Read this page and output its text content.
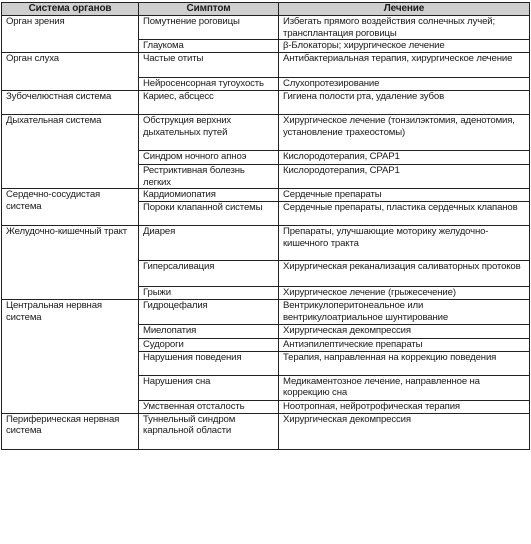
Система органов	Симптом	Лечение
Орган зрения	Помутнение роговицы	Избегать прямого воздействия солнечных лучей; трансплантация роговицы
	Глаукома	β-Блокаторы; хирургическое лечение
Орган слуха	Частые отиты	Антибактериальная терапия, хирургическое лечение
	Нейросенсорная тугоухость	Слухопротезирование
Зубочелюстная система	Кариес, абсцесс	Гигиена полости рта, удаление зубов
Дыхательная система	Обструкция верхних дыхательных путей	Хирургическое лечение (тонзилэктомия, аденотомия, установление трахеостомы)
	Синдром ночного апноэ	Кислородотерапия, CPAP1
	Рестриктивная болезнь легких	Кислородотерапия, CPAP1
Сердечно-сосудистая система	Кардиомиопатия	Сердечные препараты
	Пороки клапанной системы	Сердечные препараты, пластика сердечных клапанов
Желудочно-кишечный тракт	Диарея	Препараты, улучшающие моторику желудочно-кишечного тракта
	Гиперсаливация	Хирургическая реканализация саливаторных протоков
	Грыжи	Хирургическое лечение (грыжесечение)
Центральная нервная система	Гидроцефалия	Вентрикулоперитонеальное или вентрикулоатриальное шунтирование
	Миелопатия	Хирургическая декомпрессия
	Судороги	Антиэпилептические препараты
	Нарушения поведения	Терапия, направленная на коррекцию поведения
	Нарушения сна	Медикаментозное лечение, направленное на коррекцию сна
	Умственная отсталость	Ноотропная, нейротрофическая терапия
Периферическая нервная система	Туннельный синдром карпальной области	Хирургическая декомпрессия
